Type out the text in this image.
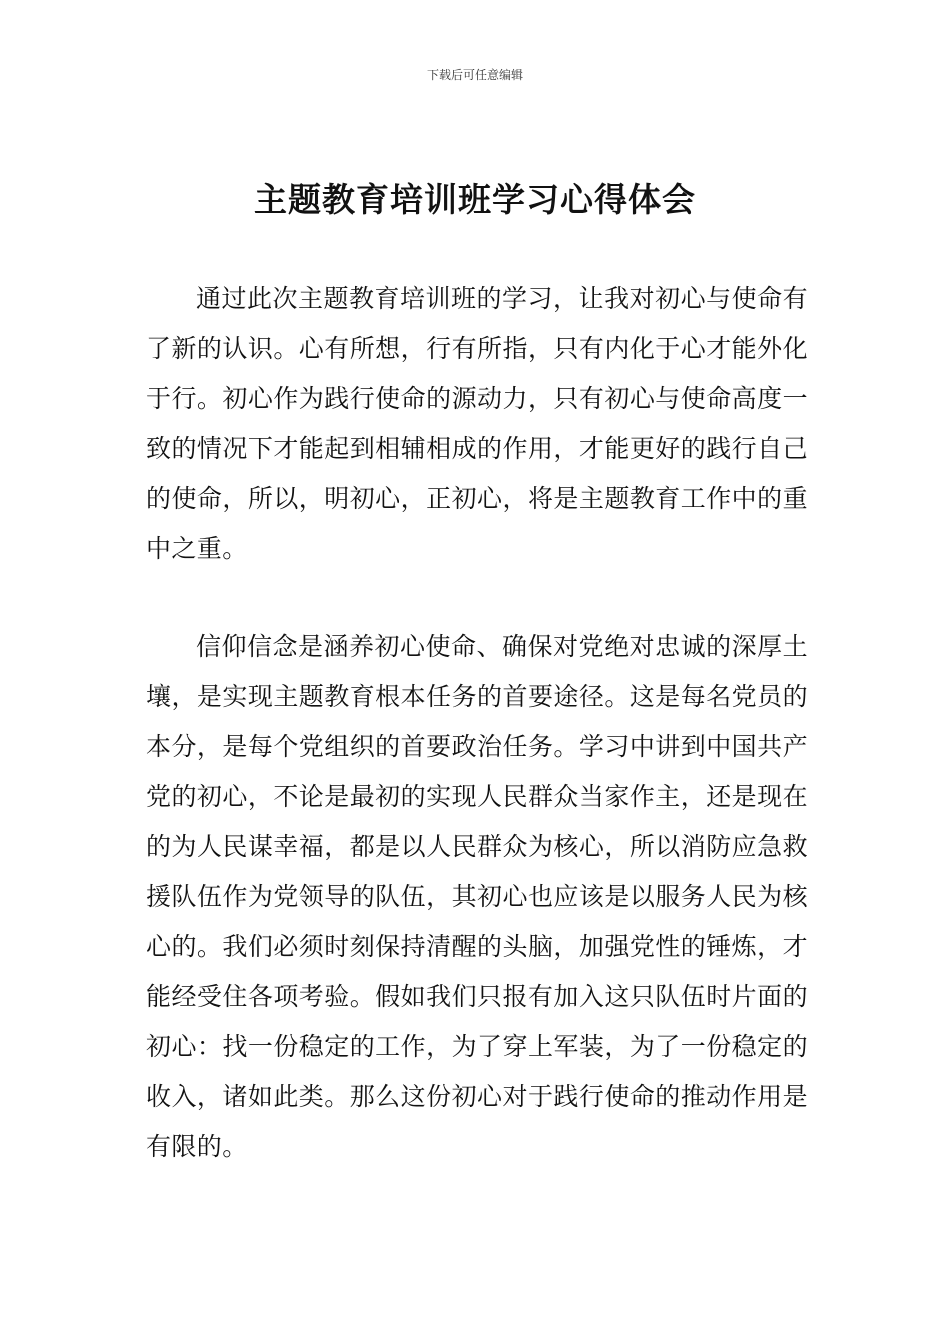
下载后可任意编辑
主题教育培训班学习心得体会

通过此次主题教育培训班的学习，让我对初心与使命有了新的认识。心有所想，行有所指，只有内化于心才能外化于行。初心作为践行使命的源动力，只有初心与使命高度一致的情况下才能起到相辅相成的作用，才能更好的践行自己的使命，所以，明初心，正初心，将是主题教育工作中的重中之重。

信仰信念是涵养初心使命、确保对党绝对忠诚的深厚土壤，是实现主题教育根本任务的首要途径。这是每名党员的本分，是每个党组织的首要政治任务。学习中讲到中国共产党的初心，不论是最初的实现人民群众当家作主，还是现在的为人民谋幸福，都是以人民群众为核心，所以消防应急救援队伍作为党领导的队伍，其初心也应该是以服务人民为核心的。我们必须时刻保持清醒的头脑，加强党性的锤炼，才能经受住各项考验。假如我们只报有加入这只队伍时片面的初心：找一份稳定的工作，为了穿上军装，为了一份稳定的收入，诸如此类。那么这份初心对于践行使命的推动作用是有限的。
